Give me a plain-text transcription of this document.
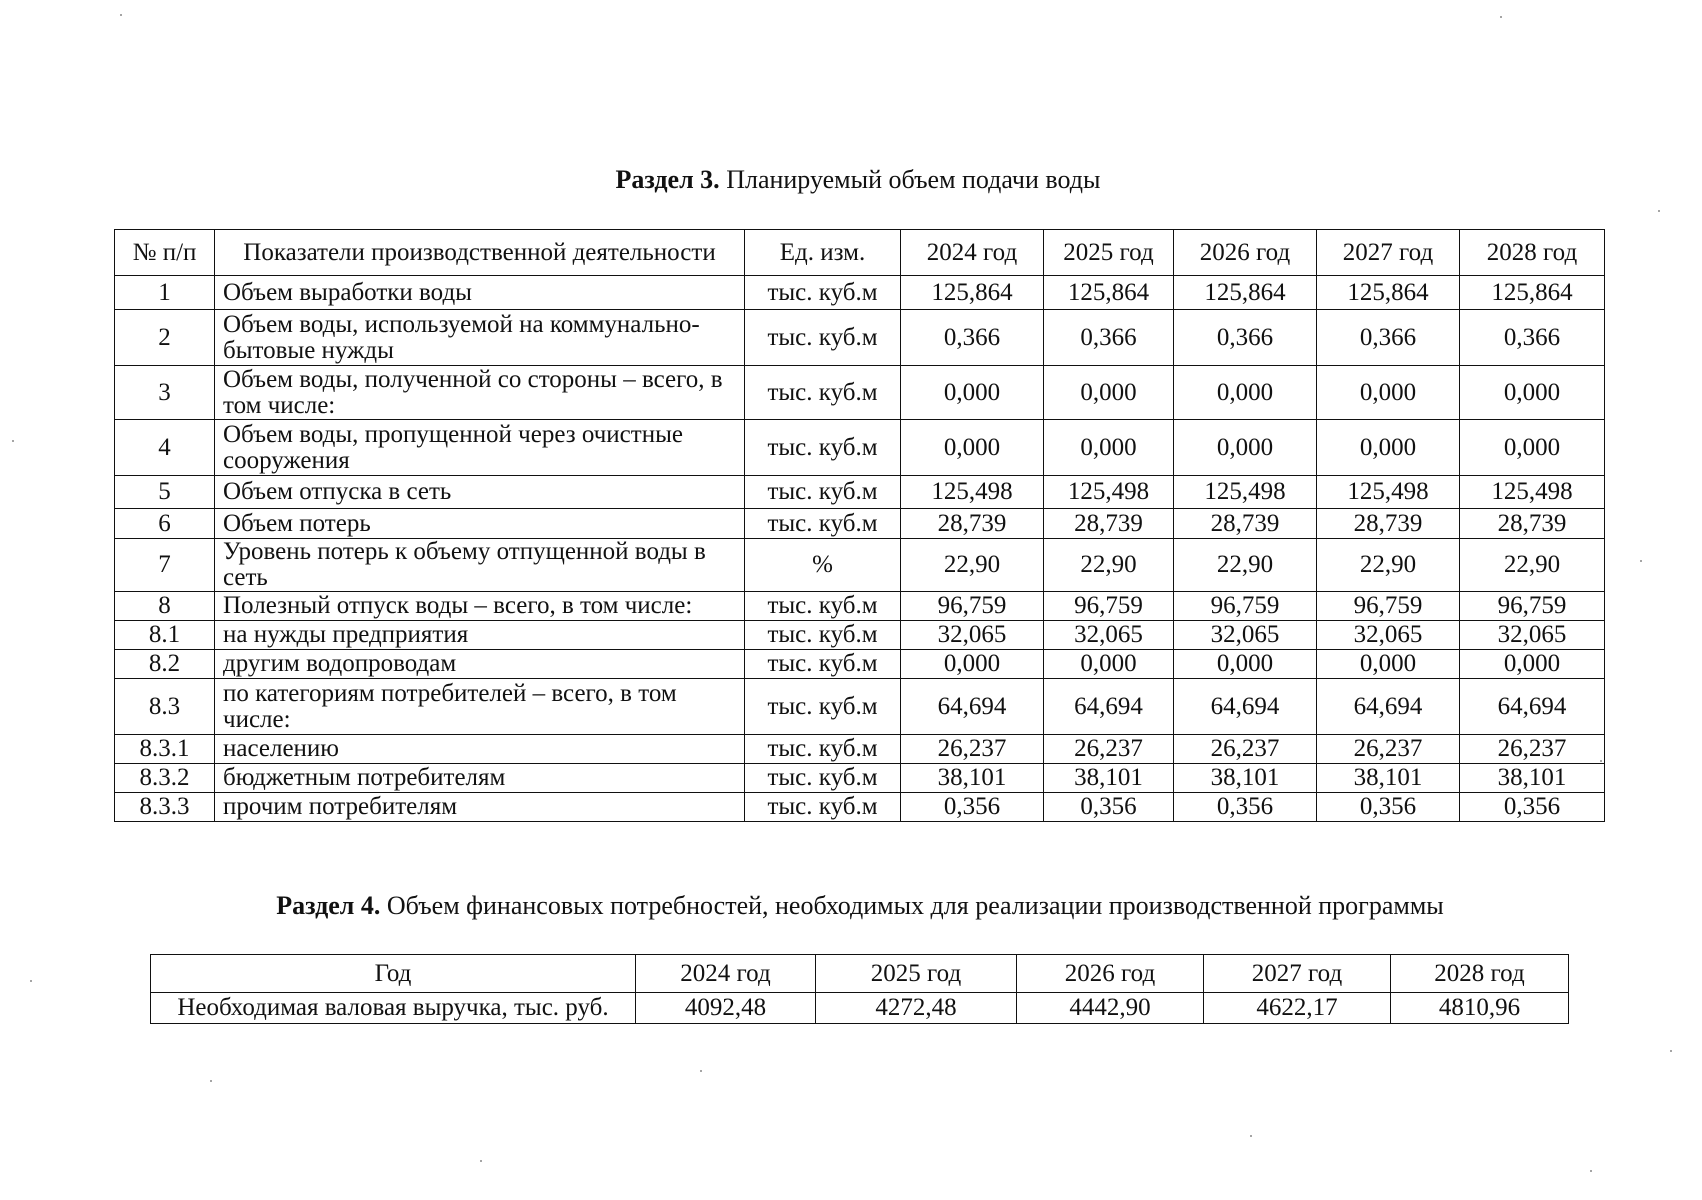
Раздел 3. Планируемый объем подачи воды
№ п/п	Показатели производственной деятельности	Ед. изм.	2024 год	2025 год	2026 год	2027 год	2028 год
1	Объем выработки воды	тыс. куб.м	125,864	125,864	125,864	125,864	125,864
2	Объем воды, используемой на коммунально-бытовые нужды	тыс. куб.м	0,366	0,366	0,366	0,366	0,366
3	Объем воды, полученной со стороны – всего, в том числе:	тыс. куб.м	0,000	0,000	0,000	0,000	0,000
4	Объем воды, пропущенной через очистные сооружения	тыс. куб.м	0,000	0,000	0,000	0,000	0,000
5	Объем отпуска в сеть	тыс. куб.м	125,498	125,498	125,498	125,498	125,498
6	Объем потерь	тыс. куб.м	28,739	28,739	28,739	28,739	28,739
7	Уровень потерь к объему отпущенной воды в сеть	%	22,90	22,90	22,90	22,90	22,90
8	Полезный отпуск воды – всего, в том числе:	тыс. куб.м	96,759	96,759	96,759	96,759	96,759
8.1	на нужды предприятия	тыс. куб.м	32,065	32,065	32,065	32,065	32,065
8.2	другим водопроводам	тыс. куб.м	0,000	0,000	0,000	0,000	0,000
8.3	по категориям потребителей – всего, в том числе:	тыс. куб.м	64,694	64,694	64,694	64,694	64,694
8.3.1	населению	тыс. куб.м	26,237	26,237	26,237	26,237	26,237
8.3.2	бюджетным потребителям	тыс. куб.м	38,101	38,101	38,101	38,101	38,101
8.3.3	прочим потребителям	тыс. куб.м	0,356	0,356	0,356	0,356	0,356
Раздел 4. Объем финансовых потребностей, необходимых для реализации производственной программы
Год	2024 год	2025 год	2026 год	2027 год	2028 год
Необходимая валовая выручка, тыс. руб.	4092,48	4272,48	4442,90	4622,17	4810,96
